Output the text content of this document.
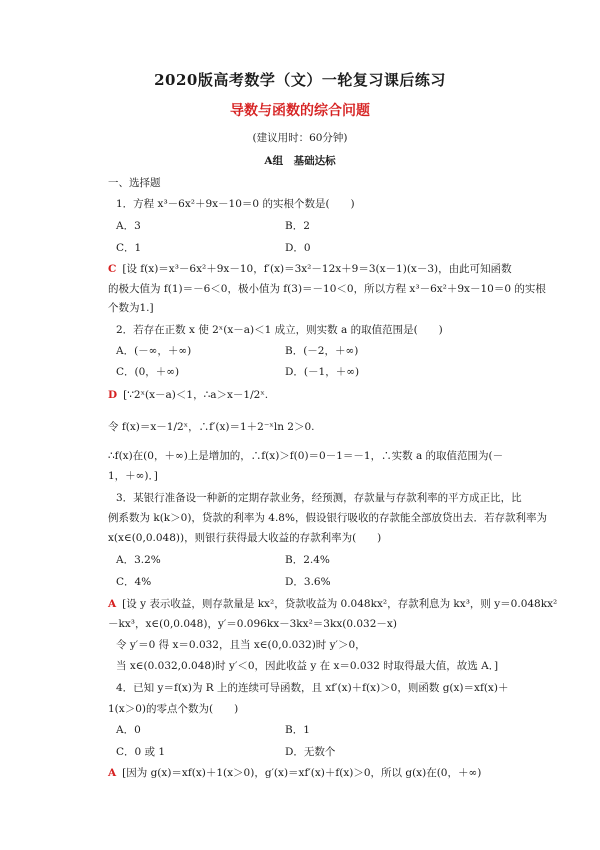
2020版高考数学（文）一轮复习课后练习
导数与函数的综合问题
(建议用时：60分钟)
A组　基础达标
一、选择题
1．方程 x³－6x²＋9x－10＝0 的实根个数是(　　)
A．3	B．2
C．1	D．0
C [设 f(x)＝x³－6x²＋9x－10，f′(x)＝3x²－12x＋9＝3(x－1)(x－3)，由此可知函数
的极大值为 f(1)＝－6＜0，极小值为 f(3)＝－10＜0，所以方程 x³－6x²＋9x－10＝0 的实根
个数为1.]
2．若存在正数 x 使 2ˣ(x－a)＜1 成立，则实数 a 的取值范围是(　　)
A．(－∞，＋∞)	B．(－2，＋∞)
C．(0，＋∞)	D．(－1，＋∞)
D [∵2ˣ(x－a)＜1，∴a＞x－1/2ˣ.
令 f(x)＝x－1/2ˣ，∴f′(x)＝1＋2⁻ˣln 2＞0.
∴f(x)在(0，＋∞)上是增加的，∴f(x)＞f(0)＝0－1＝－1，∴实数 a 的取值范围为(－
1，＋∞)．]
3．某银行准备设一种新的定期存款业务，经预测，存款量与存款利率的平方成正比，比
例系数为 k(k＞0)，贷款的利率为 4.8%，假设银行吸收的存款能全部放贷出去．若存款利率为
x(x∈(0,0.048))，则银行获得最大收益的存款利率为(　　)
A．3.2%	B．2.4%
C．4%	D．3.6%
A [设 y 表示收益，则存款量是 kx²，贷款收益为 0.048kx²，存款利息为 kx³，则 y＝0.048kx²
－kx³，x∈(0,0.048)，y′＝0.096kx－3kx²＝3kx(0.032－x)
令 y′＝0 得 x＝0.032，且当 x∈(0,0.032)时 y′＞0，
当 x∈(0.032,0.048)时 y′＜0，因此收益 y 在 x＝0.032 时取得最大值，故选 A．]
4．已知 y＝f(x)为 R 上的连续可导函数，且 xf′(x)＋f(x)＞0，则函数 g(x)＝xf(x)＋
1(x＞0)的零点个数为(　　)
A．0	B．1
C．0 或 1	D．无数个
A [因为 g(x)＝xf(x)＋1(x＞0)，g′(x)＝xf′(x)＋f(x)＞0，所以 g(x)在(0，＋∞)
